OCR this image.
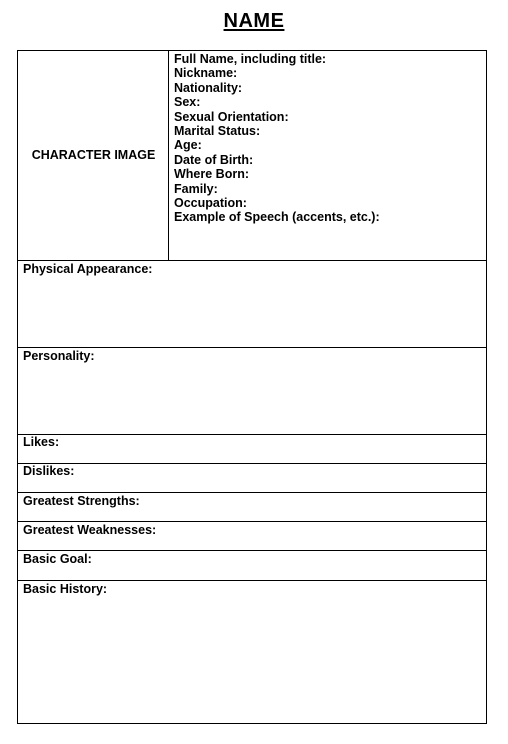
NAME
CHARACTER IMAGE
Full Name, including title:
Nickname:
Nationality:
Sex:
Sexual Orientation:
Marital Status:
Age:
Date of Birth:
Where Born:
Family:
Occupation:
Example of Speech (accents, etc.):
Physical Appearance:
Personality:
Likes:
Dislikes:
Greatest Strengths:
Greatest Weaknesses:
Basic Goal:
Basic History:
